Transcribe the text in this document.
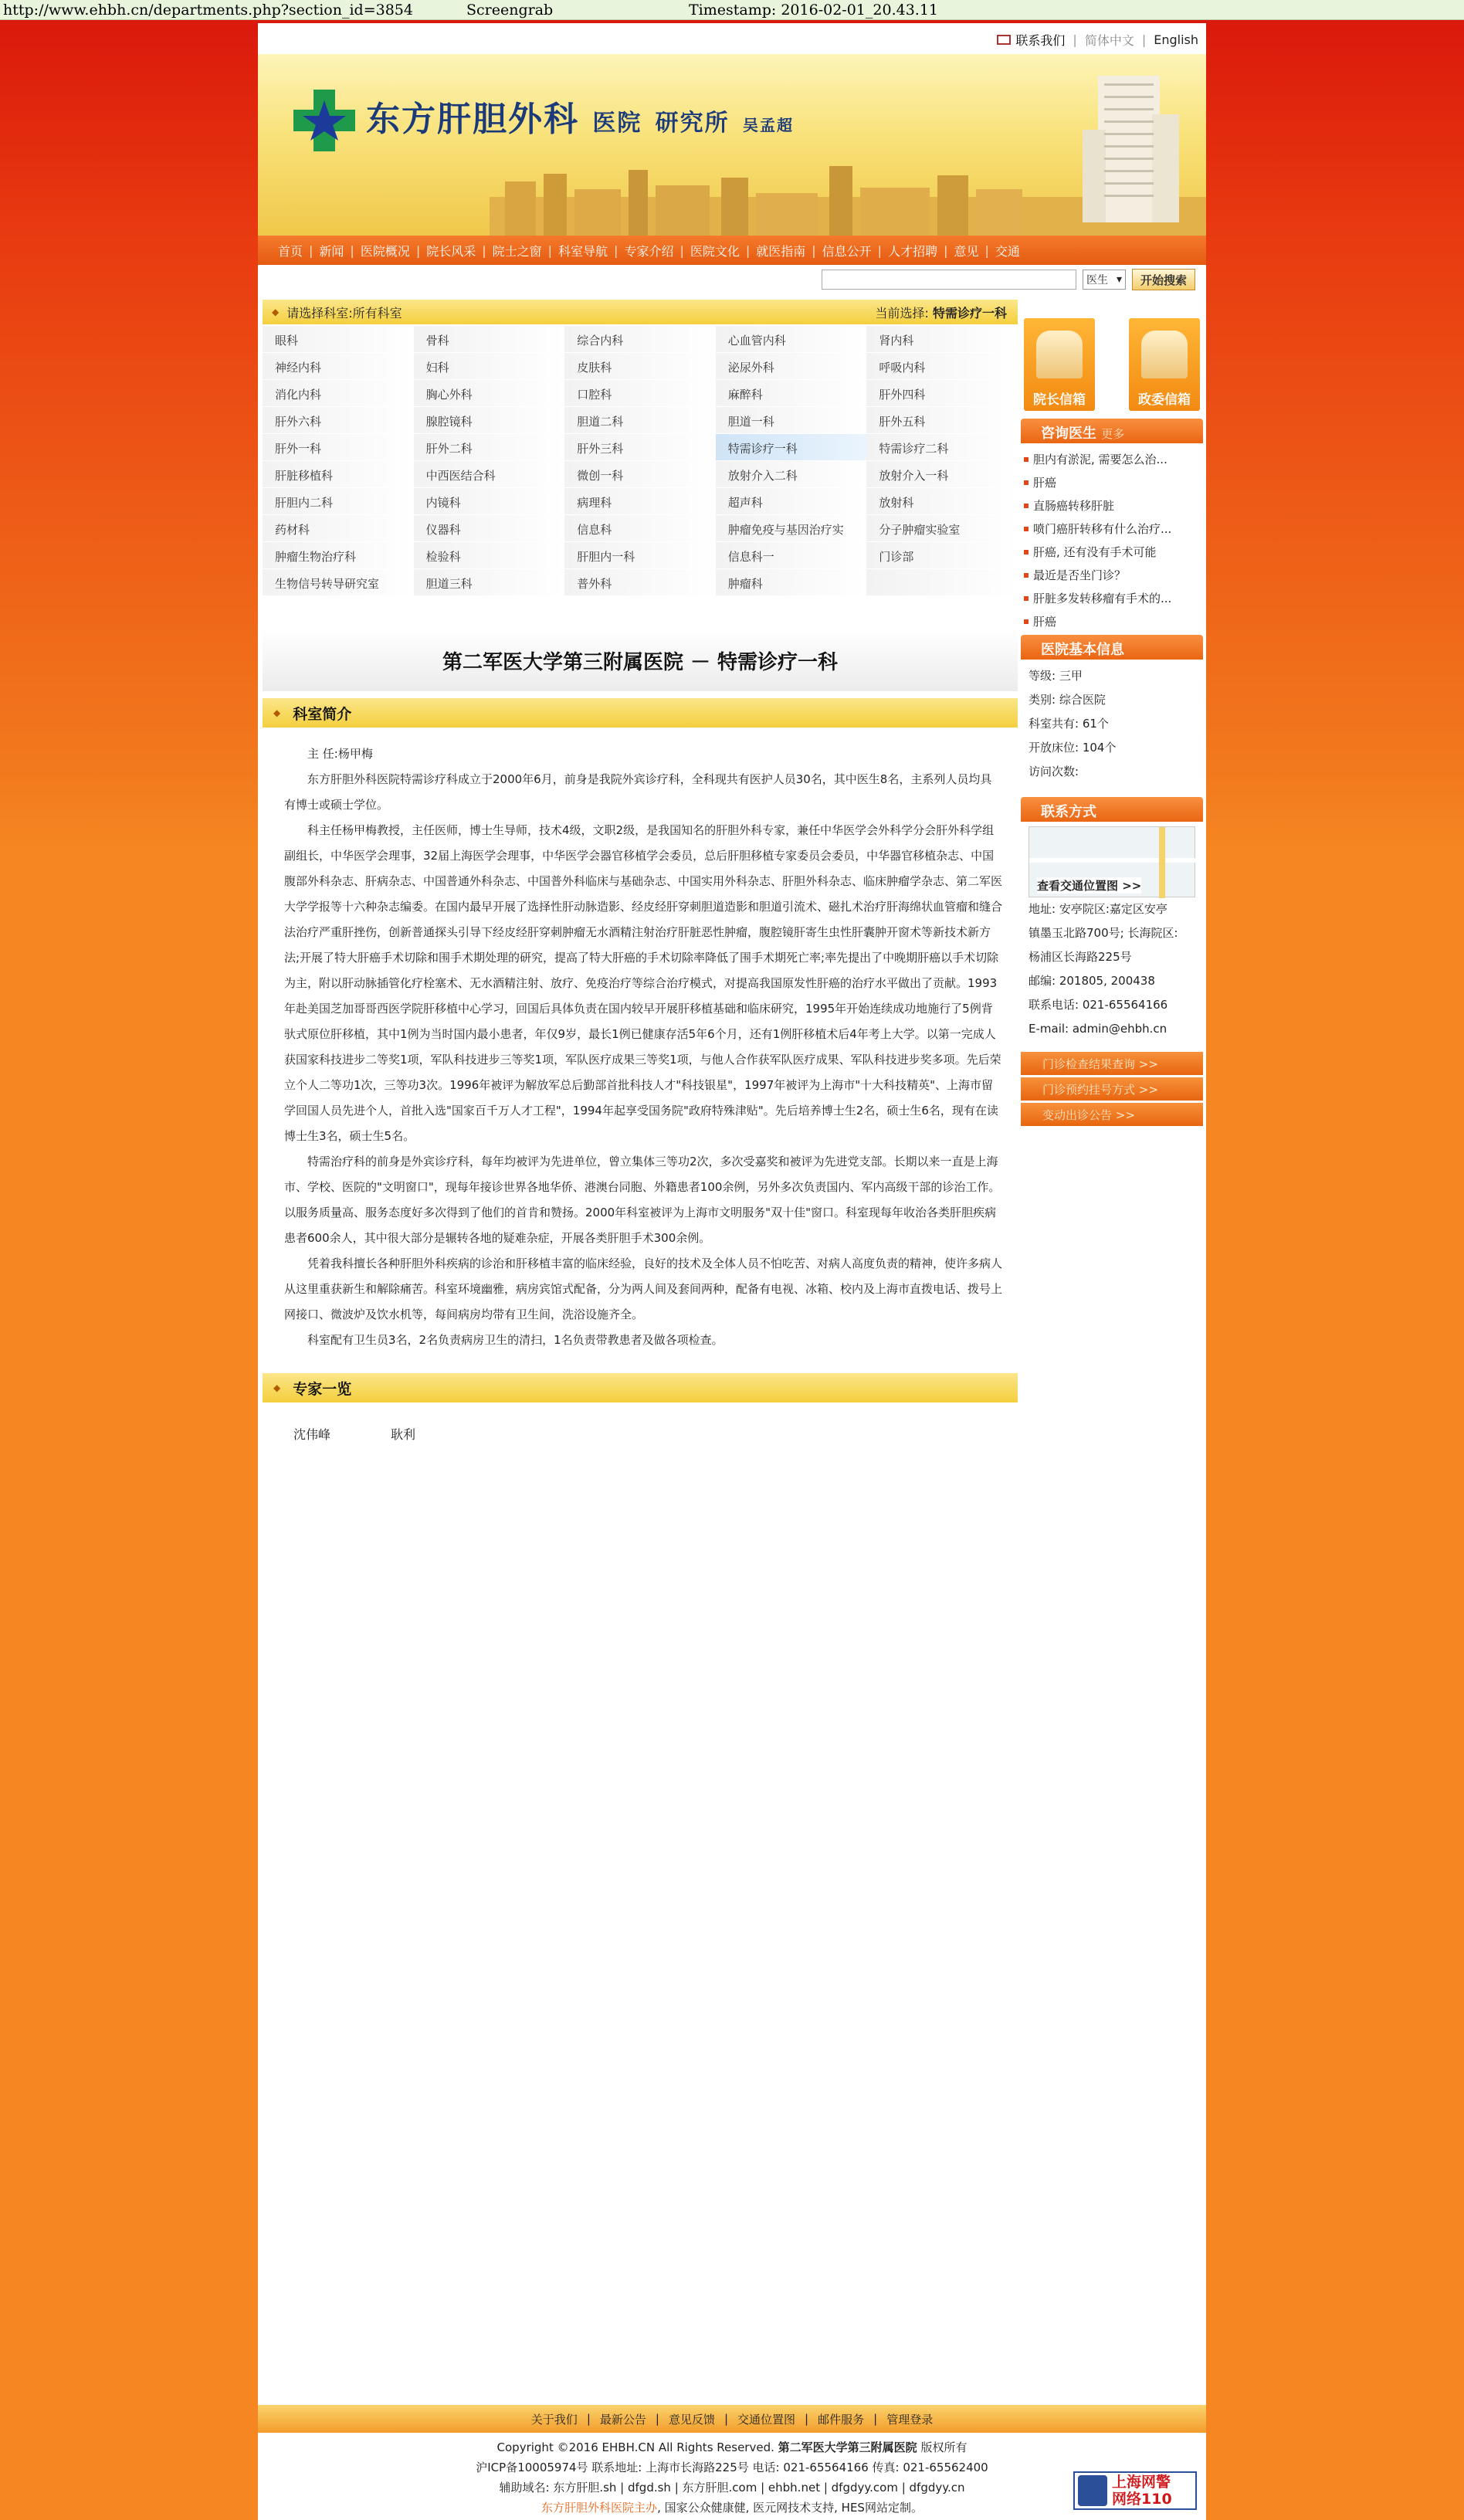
http://www.ehbh.cn/departments.php?section_id=3854	Screengrab	Timestamp: 2016-02-01_20.43.11
联系我们 | 简体中文 | English
东方肝胆外科 医院 研究所 吴孟超
首页 | 新闻 | 医院概况 | 院长风采 | 院士之窗 | 科室导航 | 专家介绍 | 医院文化 | 就医指南 | 信息公开 | 人才招聘 | 意见 | 交通
医生 ▾	开始搜索
◆ 请选择科室: 所有科室	当前选择: 特需诊疗一科
眼科	骨科	综合内科	心血管内科	肾内科
神经内科	妇科	皮肤科	泌尿外科	呼吸内科
消化内科	胸心外科	口腔科	麻醉科	肝外四科
肝外六科	腺腔镜科	胆道二科	胆道一科	肝外五科
肝外一科	肝外二科	肝外三科	特需诊疗一科	特需诊疗二科
肝脏移植科	中西医结合科	微创一科	放射介入二科	放射介入一科
肝胆内二科	内镜科	病理科	超声科	放射科
药材科	仪器科	信息科	肿瘤免疫与基因治疗实	分子肿瘤实验室
肿瘤生物治疗科	检验科	肝胆内一科	信息科一	门诊部
生物信号转导研究室	胆道三科	普外科	肿瘤科
第二军医大学第三附属医院 － 特需诊疗一科
◆ 科室简介

主 任:杨甲梅

东方肝胆外科医院特需诊疗科成立于2000年6月，前身是我院外宾诊疗科，全科现共有医护人员30名，其中医生8名，主系列人员均具有博士或硕士学位。

科主任杨甲梅教授，主任医师，博士生导师，技术4级，文职2级，是我国知名的肝胆外科专家，兼任中华医学会外科学分会肝外科学组副组长，中华医学会理事，32届上海医学会理事，中华医学会器官移植学会委员，总后肝胆移植专家委员会委员，中华器官移植杂志、中国腹部外科杂志、肝病杂志、中国普通外科杂志、中国普外科临床与基础杂志、中国实用外科杂志、肝胆外科杂志、临床肿瘤学杂志、第二军医大学学报等十六种杂志编委。在国内最早开展了选择性肝动脉造影、经皮经肝穿刺胆道造影和胆道引流术、磁扎术治疗肝海绵状血管瘤和缝合法治疗严重肝挫伤，创新普通探头引导下经皮经肝穿刺肿瘤无水酒精注射治疗肝脏恶性肿瘤，腹腔镜肝寄生虫性肝囊肿开窗术等新技术新方法;开展了特大肝癌手术切除和围手术期处理的研究，提高了特大肝癌的手术切除率降低了围手术期死亡率;率先提出了中晚期肝癌以手术切除为主，附以肝动脉插管化疗栓塞术、无水酒精注射、放疗、免疫治疗等综合治疗模式，对提高我国原发性肝癌的治疗水平做出了贡献。1993年赴美国芝加哥哥西医学院肝移植中心学习，回国后具体负责在国内较早开展肝移植基础和临床研究，1995年开始连续成功地施行了5例背驮式原位肝移植，其中1例为当时国内最小患者，年仅9岁，最长1例已健康存活5年6个月，还有1例肝移植术后4年考上大学。以第一完成人获国家科技进步二等奖1项，军队科技进步三等奖1项，军队医疗成果三等奖1项，与他人合作获军队医疗成果、军队科技进步奖多项。先后荣立个人二等功1次，三等功3次。1996年被评为解放军总后勤部首批科技人才"科技银星"，1997年被评为上海市"十大科技精英"、上海市留学回国人员先进个人，首批入选"国家百千万人才工程"，1994年起享受国务院"政府特殊津贴"。先后培养博士生2名，硕士生6名，现有在读博士生3名，硕士生5名。

特需治疗科的前身是外宾诊疗科，每年均被评为先进单位，曾立集体三等功2次，多次受嘉奖和被评为先进党支部。长期以来一直是上海市、学校、医院的"文明窗口"，现每年接诊世界各地华侨、港澳台同胞、外籍患者100余例，另外多次负责国内、军内高级干部的诊治工作。以服务质量高、服务态度好多次得到了他们的首肯和赞扬。2000年科室被评为上海市文明服务"双十佳"窗口。科室现每年收治各类肝胆疾病患者600余人，其中很大部分是辗转各地的疑难杂症，开展各类肝胆手术300余例。

凭着我科擅长各种肝胆外科疾病的诊治和肝移植丰富的临床经验，良好的技术及全体人员不怕吃苦、对病人高度负责的精神，使许多病人从这里重获新生和解除痛苦。科室环境幽雅，病房宾馆式配备，分为两人间及套间两种，配备有电视、冰箱、校内及上海市直拨电话、拨号上网接口、微波炉及饮水机等，每间病房均带有卫生间，洗浴设施齐全。

科室配有卫生员3名，2名负责病房卫生的清扫，1名负责带教患者及做各项检查。

◆ 专家一览
沈伟峰	耿利
院长信箱	政委信箱
咨询医生 更多
胆内有淤泥, 需要怎么治...
肝癌
直肠癌转移肝脏
喷门癌肝转移有什么治疗...
肝癌, 还有没有手术可能
最近是否坐门诊？
肝脏多发转移瘤有手术的...
肝癌
医院基本信息
等级: 三甲
类别: 综合医院
科室共有: 61个
开放床位: 104个
访问次数:
联系方式
查看交通位置图 >>
地址: 安亭院区:嘉定区安亭
镇墨玉北路700号; 长海院区:
杨浦区长海路225号
邮编: 201805, 200438
联系电话: 021-65564166
E-mail: admin@ehbh.cn
门诊检查结果查询 >>
门诊预约挂号方式 >>
变动出诊公告 >>
关于我们 | 最新公告 | 意见反馈 | 交通位置图 | 邮件服务 | 管理登录
Copyright ©2016 EHBH.CN All Rights Reserved. 第二军医大学第三附属医院 版权所有
沪ICP备10005974号 联系地址: 上海市长海路225号 电话: 021-65564166 传真: 021-65562400
辅助域名: 东方肝胆.sh | dfgd.sh | 东方肝胆.com | ehbh.net | dfgdyy.com | dfgdyy.cn
东方肝胆外科医院主办, 国家公众健康健, 医元网技术支持, HES网站定制。
上海网警
网络110
